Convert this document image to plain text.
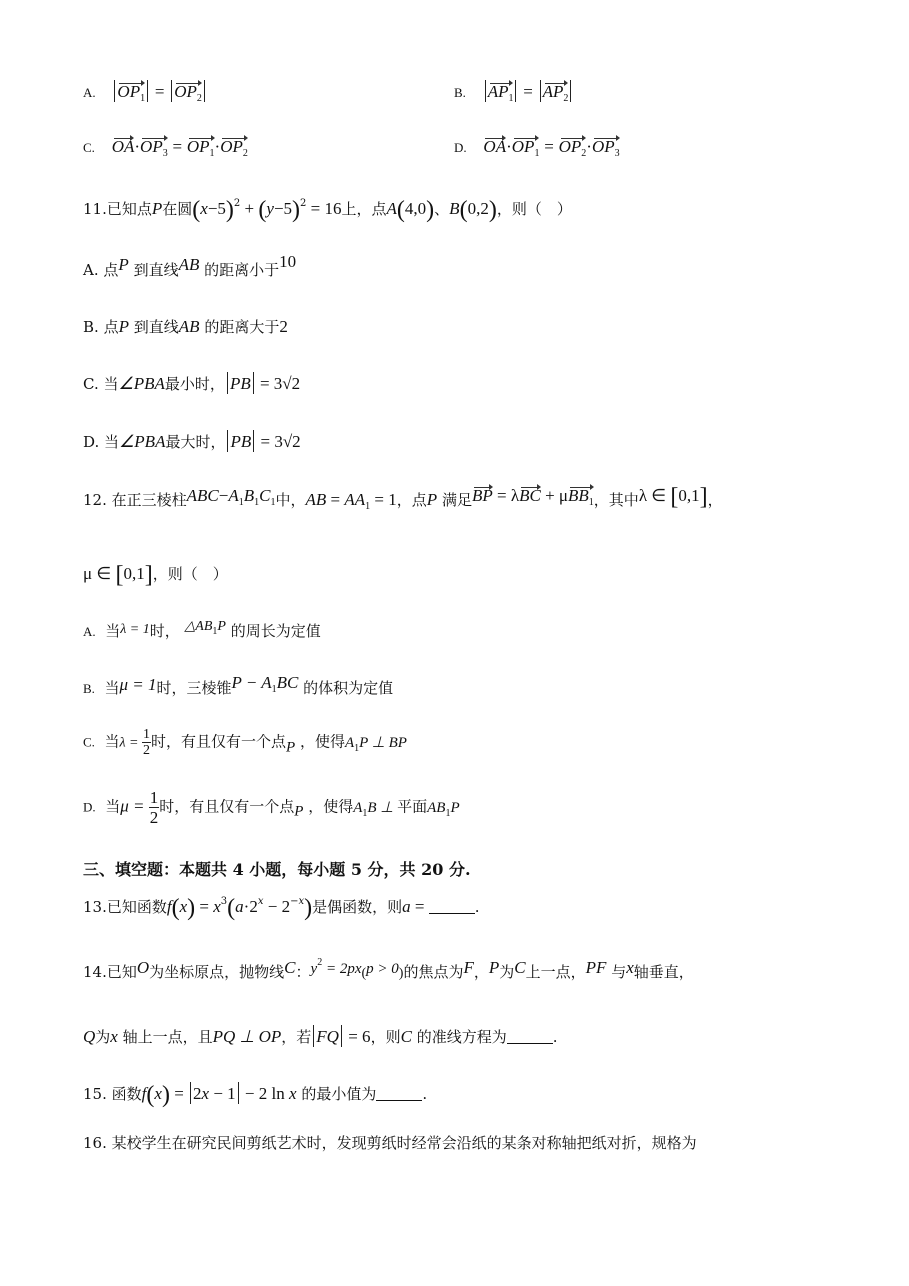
A. $OP_1 = OP_2$	B. $AP_1 = AP_2$
C. $OA\cdot OP_3 = OP_1\cdot OP_2$	D. $OA\cdot OP_1 = OP_2\cdot OP_3$
11.已知点P在圆$(x-5)^2 + (y-5)^2 = 16$上，点A(4,0)、B(0,2)，则（　）
A. 点P 到直线AB 的距离小于10
B. 点P 到直线AB 的距离大于2
C. 当∠PBA最小时， PB = 3√2
D. 当∠PBA最大时， PB = 3√2
12. 在正三棱柱$ABC-A_1B_1C_1$中，AB = $AA_1 = 1$，点P 满足BP = λBC + μBB$_1$，其中λ ∈ [0,1]，
μ ∈ [0,1]，则（　）
A. 当λ = 1时， $\triangle AB_1P$ 的周长为定值
B. 当μ = 1时，三棱锥$P - A_1BC$ 的体积为定值
C. 当$\lambda = \frac{1}{2}$ 时，有且仅有一个点P ，使得$A_1P$ ⊥ BP
D. 当$\mu = \frac{1}{2}$ 时，有且仅有一个点P ，使得$A_1B$ ⊥ 平面$AB_1P$
三、填空题：本题共 4 小题，每小题 5 分，共 20 分.
13.已知函数$f(x) = x^3(a\cdot 2^x - 2^{-x})$是偶函数，则a =	.
14.已知O为坐标原点，抛物线C：$y^2 = 2px(p > 0)$的焦点为F，P为C上一点，PF 与x轴垂直，
Q为x 轴上一点，且PQ ⊥ OP，若 FQ = 6，则C 的准线方程为	.
15. 函数f(x) = 2x − 1 − 2 ln x 的最小值为	.
16. 某校学生在研究民间剪纸艺术时，发现剪纸时经常会沿纸的某条对称轴把纸对折，规格为
